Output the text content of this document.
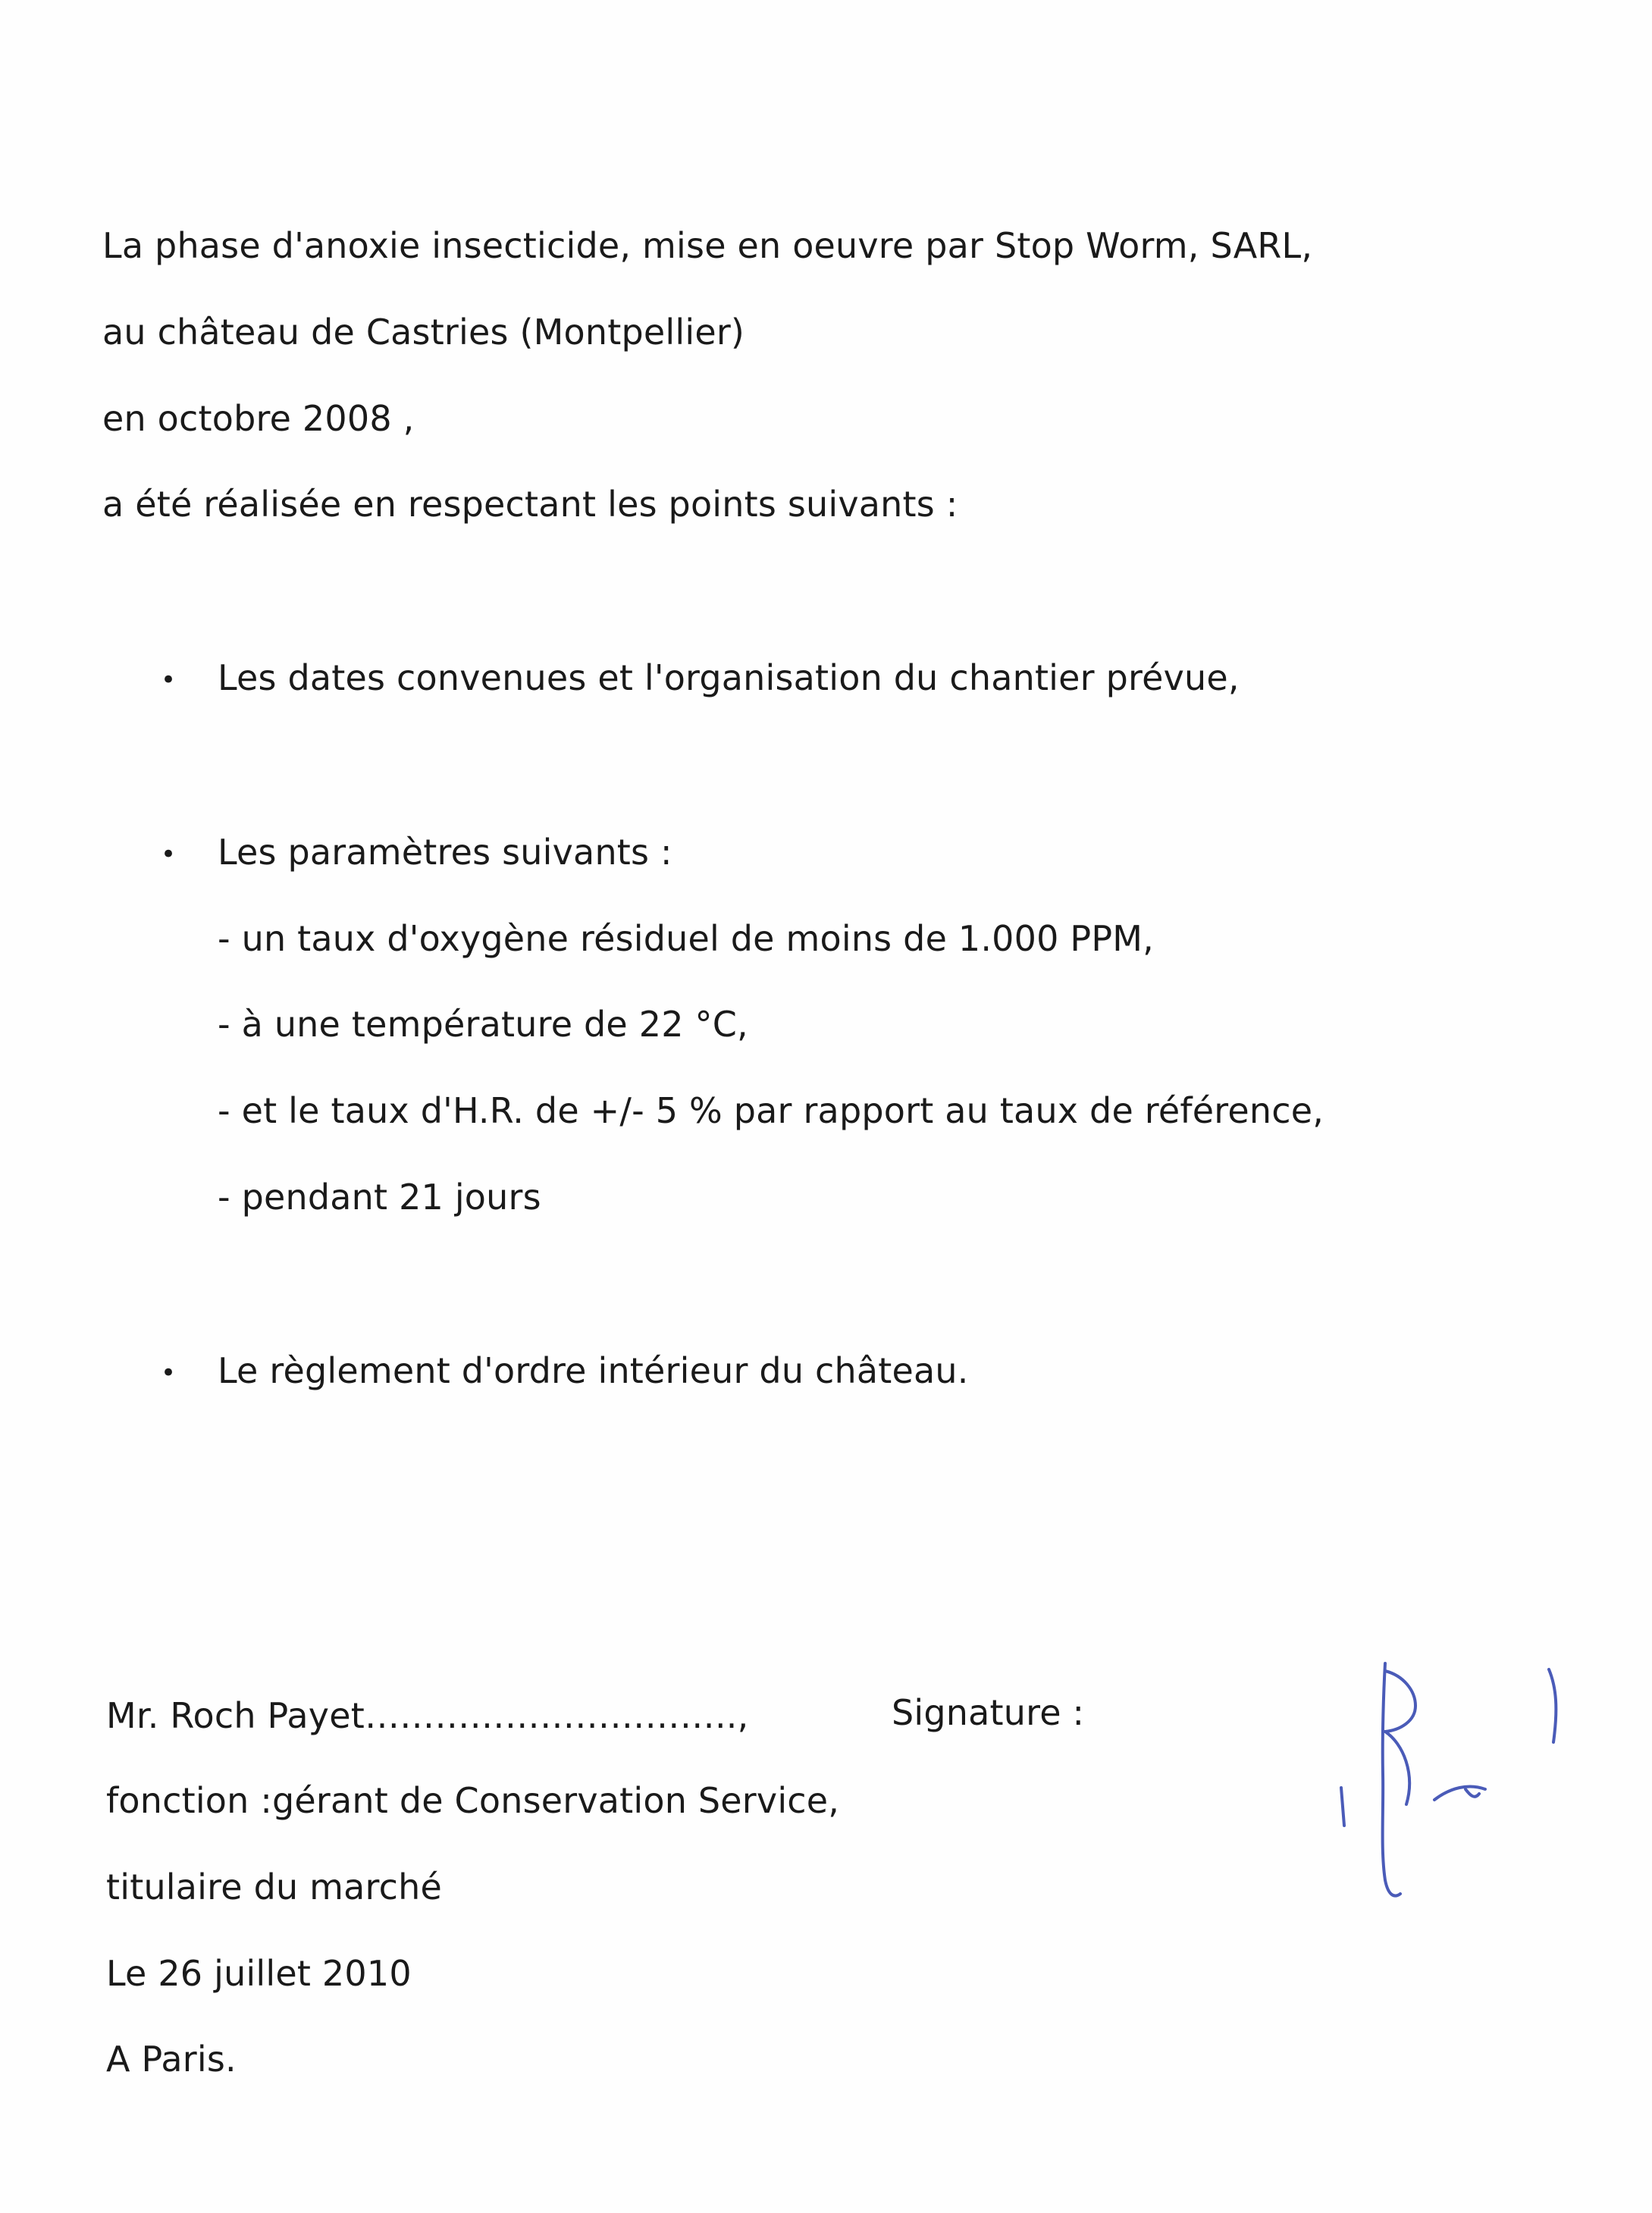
La phase d'anoxie insecticide, mise en oeuvre par Stop Worm, SARL,
au château de Castries (Montpellier)
en octobre 2008 ,
a été réalisée en respectant les points suivants :
• Les dates convenues et l'organisation du chantier prévue,
• Les paramètres suivants :
- un taux d'oxygène résiduel de moins de 1.000 PPM,
- à une température de 22 °C,
- et le taux d'H.R. de +/- 5 % par rapport au taux de référence,
- pendant 21 jours
• Le règlement d'ordre intérieur du château.
Mr. Roch Payet…………………………..,	Signature :
fonction :gérant de Conservation Service,
titulaire du marché
Le 26 juillet 2010
A Paris.
